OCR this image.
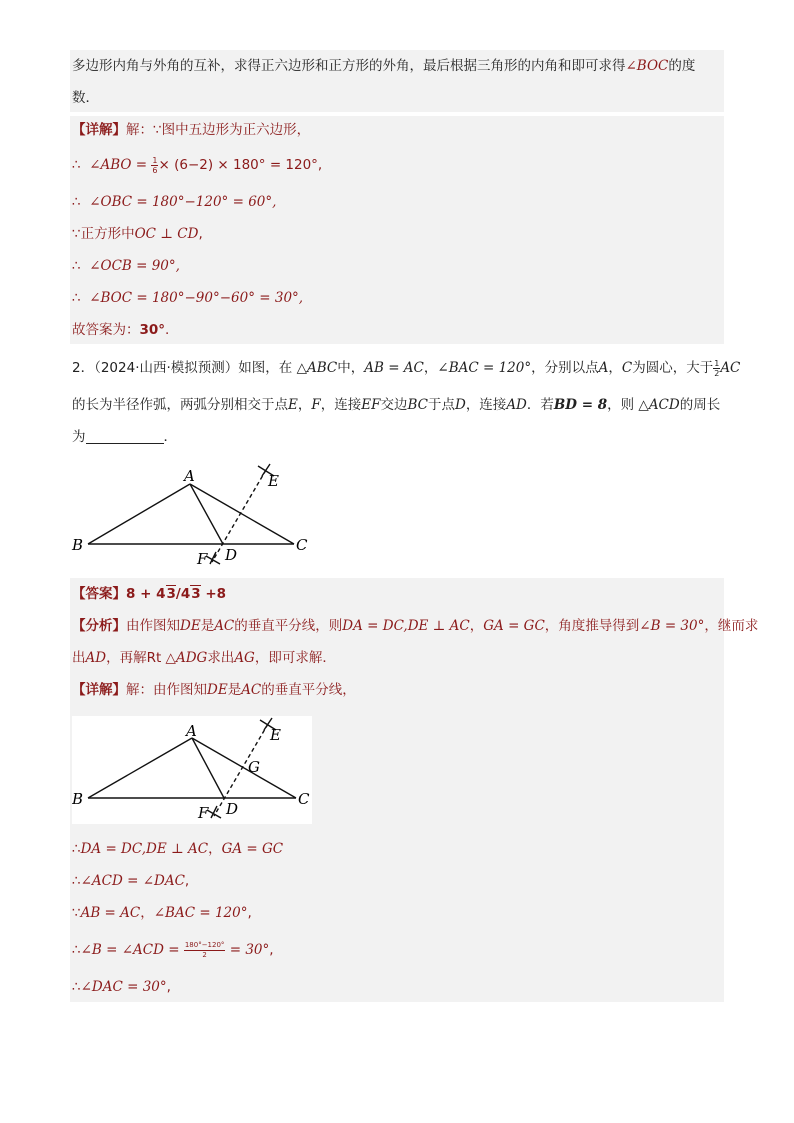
多边形内角与外角的互补，求得正六边形和正方形的外角，最后根据三角形的内角和即可求得∠BOC的度
数．
【详解】解：∵图中五边形为正六边形，
∴ ∠ABO = $\frac{1}{6} \times (6-2) \times 180^\circ = 120^\circ$,
∴ ∠OBC = 180°−120° = 60°,
∵正方形中OC ⊥ CD,
∴ ∠OCB = 90°,
∴ ∠BOC = 180°−90°−60° = 30°,
故答案为：30°.
2．（2024·山西·模拟预测）如图，在 △ABC中，AB = AC，∠BAC = 120°，分别以点A，C为圆心，大于 $\frac{1}{2}$ AC
的长为半径作弧，两弧分别相交于点E，F，连接EF交边BC于点D，连接AD．若BD = 8，则 △ACD的周长
为	．
A
B	C
D
E
F
【答案】8 + 43/43 +8
【分析】由作图知DE是AC的垂直平分线，则DA = DC,DE ⊥ AC，GA = GC，角度推导得到∠B = 30°，继而求
出AD，再解Rt △ADG求出AG，即可求解．
【详解】解：由作图知DE是AC的垂直平分线，
A
B	C
D
E
F
G
∴DA = DC,DE ⊥ AC，GA = GC
∴∠ACD = ∠DAC,
∵AB = AC，∠BAC = 120°,
∴∠B = ∠ACD = $\frac{180^\circ-120^\circ}{2} = 30^\circ$,
∴∠DAC = 30°,
